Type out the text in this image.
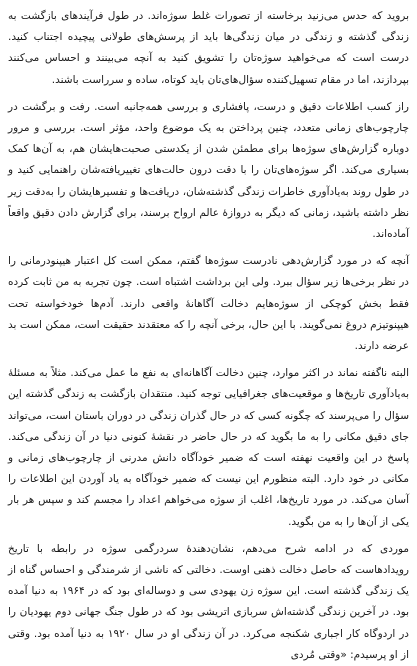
بروید که حدس می‌زنید برخاسته از تصورات غلط سوژه‌اند. در طول فرآیندهای بازگشت به زندگی گذشته و زندگی در میان زندگی‌ها باید از پرسش‌های طولانی پیچیده اجتناب کنید. درست است که می‌خواهید سوژه‌تان را تشویق کنید به آنچه می‌بینند و احساس می‌کنند بپردازند، اما در مقام تسهیل‌کننده سؤال‌های‌تان باید کوتاه، ساده و سرراست باشند.

راز کسب اطلاعات دقیق و درست، پافشاری و بررسی همه‌جانبه است. رفت و برگشت در چارچوب‌های زمانی متعدد، چنین پرداختن به یک موضوع واحد، مؤثر است. بررسی و مرور دوباره گزارش‌های سوژه‌ها برای مطمئن شدن از یکدستی صحبت‌هایشان هم، به آن‌ها کمک بسیاری می‌کند. اگر سوژه‌های‌تان را با دقت درون حالت‌های تغییریافته‌شان راهنمایی کنید و در طول روند به‌یادآوری خاطرات زندگی گذشته‌شان، دریافت‌ها و تفسیرهایشان را به‌دقت زیر نظر داشته باشید، زمانی که دیگر به دروازهٔ عالم ارواح برسند، برای گزارش دادن دقیق واقعاً آماده‌اند.

آنچه که در مورد گزارش‌دهی نادرست سوژه‌ها گفتم، ممکن است کل اعتبار هیپنودرمانی را در نظر برخی‌ها زیر سؤال ببرد. ولی این برداشت اشتباه است. چون تجربه به من ثابت کرده فقط بخش کوچکی از سوژه‌هایم دخالت آگاهانهٔ واقعی دارند. آدم‌ها خودخواسته تحت هیپنوتیزم دروغ نمی‌گویند. با این حال، برخی آنچه را که معتقدند حقیقت است، ممکن است بد عرضه دارند.

البته ناگفته نماند در اکثر موارد، چنین دخالت آگاهانه‌ای به نفع ما عمل می‌کند. مثلاً به مسئلهٔ به‌یادآوری تاریخ‌ها و موقعیت‌های جغرافیایی توجه کنید. منتقدان بازگشت به زندگی گذشته این سؤال را می‌پرسند که چگونه کسی که در حال گذران زندگی در دوران باستان است، می‌تواند جای دقیق مکانی را به ما بگوید که در حال حاضر در نقشهٔ کنونی دنیا در آن زندگی می‌کند. پاسخ در این واقعیت نهفته است که ضمیر خودآگاه دانش مدرنی از چارچوب‌های زمانی و مکانی در خود دارد. البته منظورم این نیست که ضمیر خودآگاه به یاد آوردن این اطلاعات را آسان می‌کند. در مورد تاریخ‌ها، اغلب از سوژه می‌خواهم اعداد را مجسم کند و سپس هر بار یکی از آن‌ها را به من بگوید.

موردی که در ادامه شرح می‌دهم، نشان‌دهندهٔ سردرگمی سوژه در رابطه با تاریخ رویدادهاست که حاصل دخالت ذهنی اوست. دخالتی که ناشی از شرمندگی و احساس گناه از یک زندگی گذشته است. این سوژه زن یهودی سی و دوساله‌ای بود که در ۱۹۶۴ به دنیا آمده بود. در آخرین زندگی گذشته‌اش سربازی اتریشی بود که در طول جنگ جهانی دوم یهودیان را در اردوگاه کار اجباری شکنجه می‌کرد. در آن زندگی او در سال ۱۹۲۰ به دنیا آمده بود. وقتی از او پرسیدم: «وقتی مُردی
